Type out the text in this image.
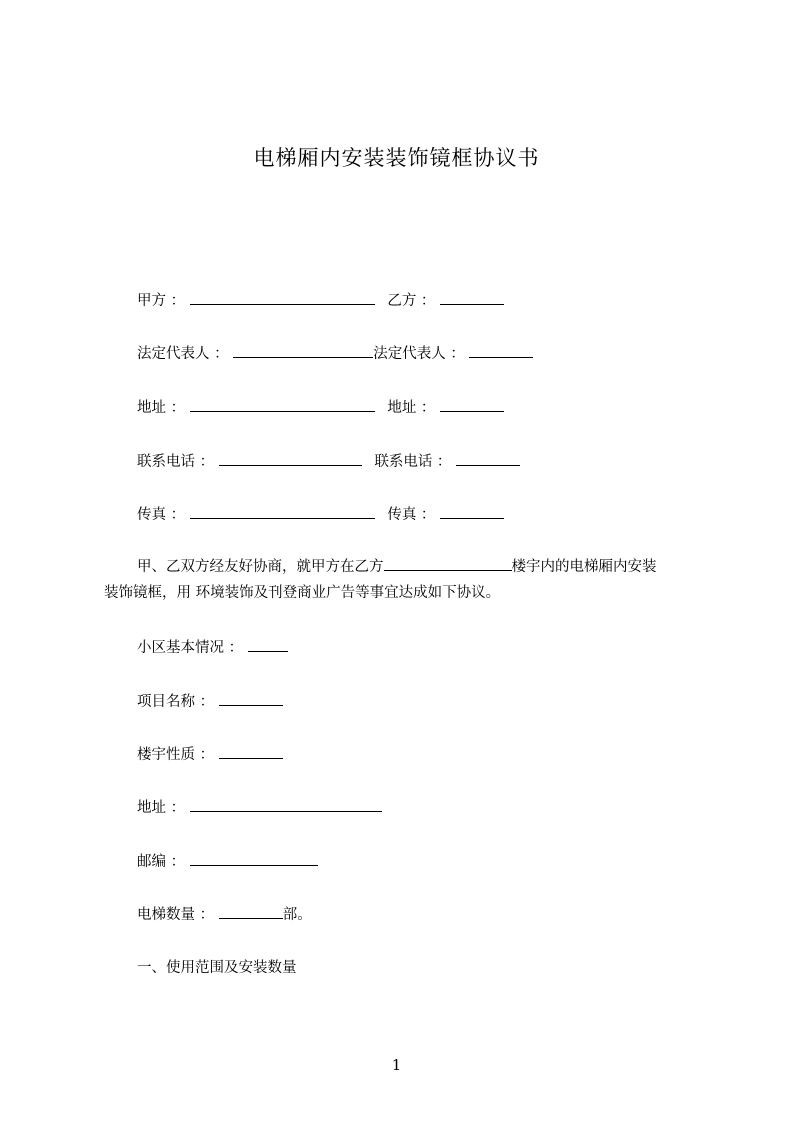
电梯厢内安装装饰镜框协议书
甲方 ：	乙方 ：
法定代表人 ：	法定代表人 ：
地址 ：	地址 ：
联系电话 ：	联系电话 ：
传真 ：	传真 ：
甲、乙双方经友好协商，就甲方在乙方	楼宇内的电梯厢内安装
装饰镜框，用 环境装饰及刊登商业广告等事宜达成如下协议。
小区基本情况 ：
项目名称 ：
楼宇性质 ：
地址 ：
邮编 ：
电梯数量 ：	部。
一、使用范围及安装数量
1
